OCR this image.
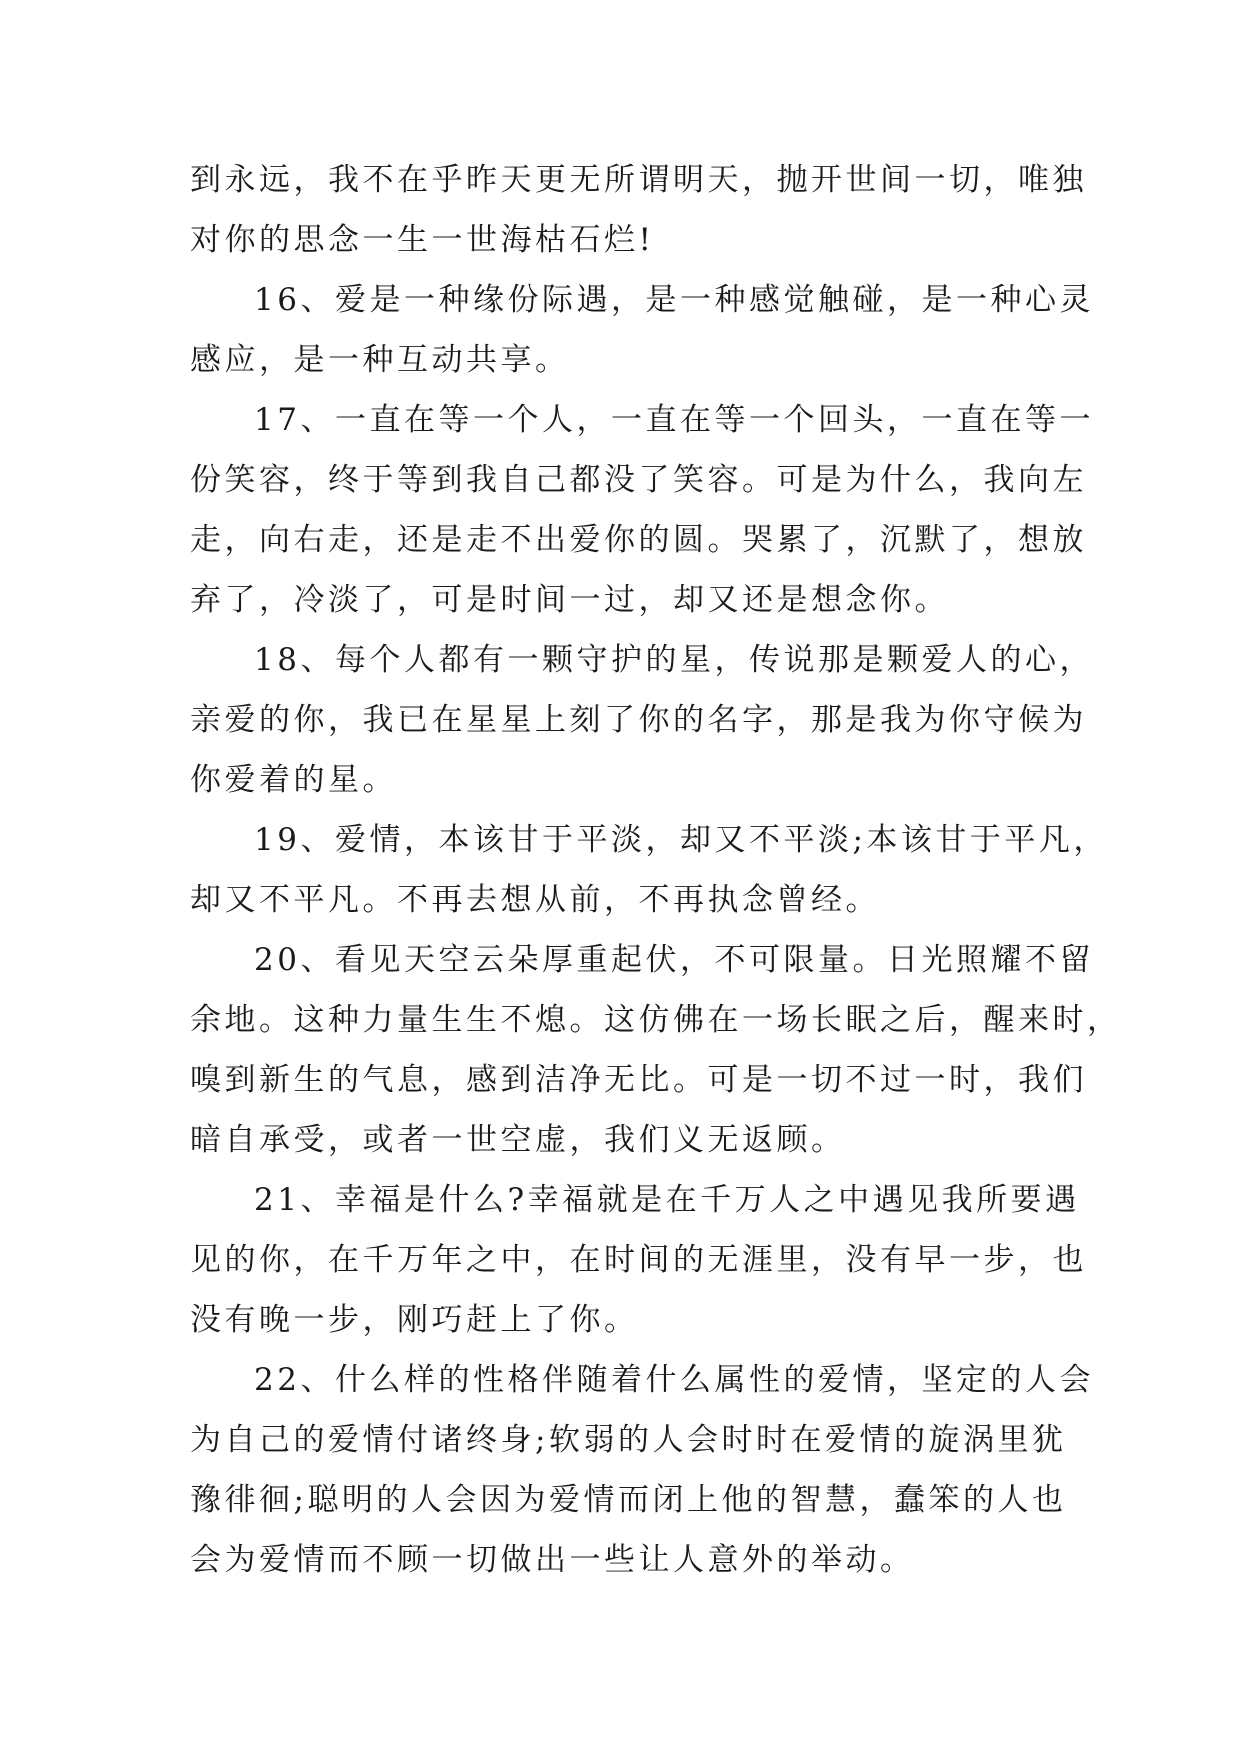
到永远，我不在乎昨天更无所谓明天，抛开世间一切，唯独
对你的思念一生一世海枯石烂!
16、爱是一种缘份际遇，是一种感觉触碰，是一种心灵
感应，是一种互动共享。
17、一直在等一个人，一直在等一个回头，一直在等一
份笑容，终于等到我自己都没了笑容。可是为什么，我向左
走，向右走，还是走不出爱你的圆。哭累了，沉默了，想放
弃了，冷淡了，可是时间一过，却又还是想念你。
18、每个人都有一颗守护的星，传说那是颗爱人的心，
亲爱的你，我已在星星上刻了你的名字，那是我为你守候为
你爱着的星。
19、爱情，本该甘于平淡，却又不平淡;本该甘于平凡，
却又不平凡。不再去想从前，不再执念曾经。
20、看见天空云朵厚重起伏，不可限量。日光照耀不留
余地。这种力量生生不熄。这仿佛在一场长眠之后，醒来时，
嗅到新生的气息，感到洁净无比。可是一切不过一时，我们
暗自承受，或者一世空虚，我们义无返顾。
21、幸福是什么?幸福就是在千万人之中遇见我所要遇
见的你，在千万年之中，在时间的无涯里，没有早一步，也
没有晚一步，刚巧赶上了你。
22、什么样的性格伴随着什么属性的爱情，坚定的人会
为自己的爱情付诸终身;软弱的人会时时在爱情的旋涡里犹
豫徘徊;聪明的人会因为爱情而闭上他的智慧，蠢笨的人也
会为爱情而不顾一切做出一些让人意外的举动。
